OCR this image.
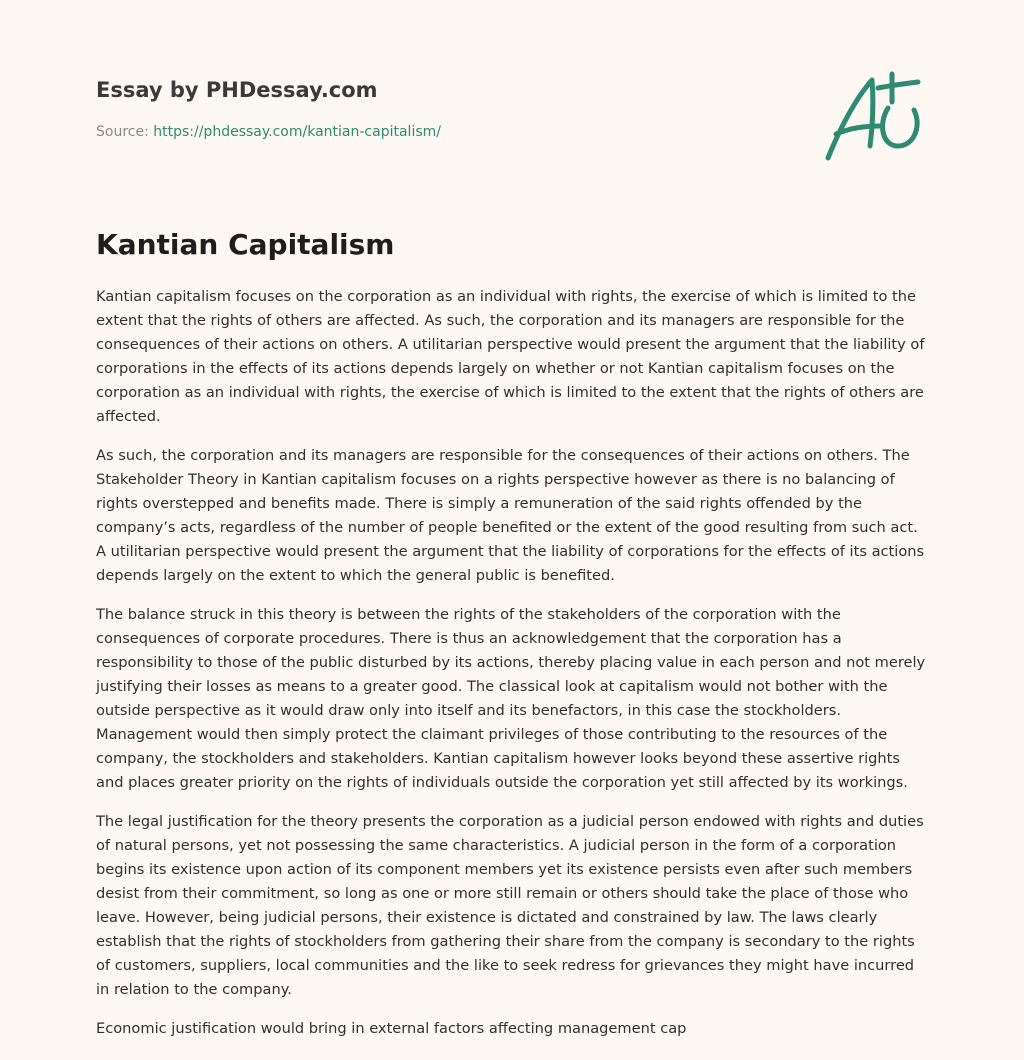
Essay by PHDessay.com
Source: https://phdessay.com/kantian-capitalism/
Kantian Capitalism

Kantian capitalism focuses on the corporation as an individual with rights, the exercise of which is limited to the extent that the rights of others are affected. As such, the corporation and its managers are responsible for the consequences of their actions on others. A utilitarian perspective would present the argument that the liability of corporations in the effects of its actions depends largely on whether or not Kantian capitalism focuses on the corporation as an individual with rights, the exercise of which is limited to the extent that the rights of others are affected.

As such, the corporation and its managers are responsible for the consequences of their actions on others. The Stakeholder Theory in Kantian capitalism focuses on a rights perspective however as there is no balancing of rights overstepped and benefits made. There is simply a remuneration of the said rights offended by the company’s acts, regardless of the number of people benefited or the extent of the good resulting from such act. A utilitarian perspective would present the argument that the liability of corporations for the effects of its actions depends largely on the extent to which the general public is benefited.

The balance struck in this theory is between the rights of the stakeholders of the corporation with the consequences of corporate procedures. There is thus an acknowledgement that the corporation has a responsibility to those of the public disturbed by its actions, thereby placing value in each person and not merely justifying their losses as means to a greater good. The classical look at capitalism would not bother with the outside perspective as it would draw only into itself and its benefactors, in this case the stockholders. Management would then simply protect the claimant privileges of those contributing to the resources of the company, the stockholders and stakeholders. Kantian capitalism however looks beyond these assertive rights and places greater priority on the rights of individuals outside the corporation yet still affected by its workings.

The legal justification for the theory presents the corporation as a judicial person endowed with rights and duties of natural persons, yet not possessing the same characteristics. A judicial person in the form of a corporation begins its existence upon action of its component members yet its existence persists even after such members desist from their commitment, so long as one or more still remain or others should take the place of those who leave. However, being judicial persons, their existence is dictated and constrained by law. The laws clearly establish that the rights of stockholders from gathering their share from the company is secondary to the rights of customers, suppliers, local communities and the like to seek redress for grievances they might have incurred in relation to the company.

Economic justification would bring in external factors affecting management cap
